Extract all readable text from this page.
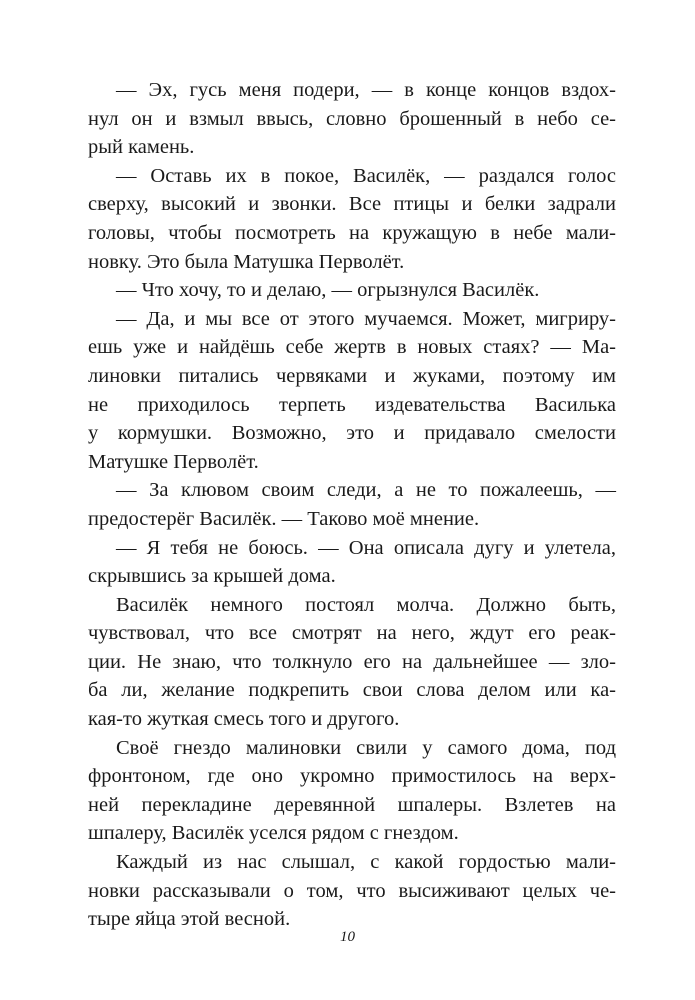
— Эх, гусь меня подери, — в конце концов вздох-
нул он и взмыл ввысь, словно брошенный в небо се-
рый камень.
— Оставь их в покое, Василёк, — раздался голос
сверху, высокий и звонки. Все птицы и белки задрали
головы, чтобы посмотреть на кружащую в небе мали-
новку. Это была Матушка Перволёт.
— Что хочу, то и делаю, — огрызнулся Василёк.
— Да, и мы все от этого мучаемся. Может, мигриру-
ешь уже и найдёшь себе жертв в новых стаях? — Ма-
линовки питались червяками и жуками, поэтому им
не приходилось терпеть издевательства Василька
у кормушки. Возможно, это и придавало смелости
Матушке Перволёт.
— За клювом своим следи, а не то пожалеешь, —
предостерёг Василёк. — Таково моё мнение.
— Я тебя не боюсь. — Она описала дугу и улетела,
скрывшись за крышей дома.
Василёк немного постоял молча. Должно быть,
чувствовал, что все смотрят на него, ждут его реак-
ции. Не знаю, что толкнуло его на дальнейшее — зло-
ба ли, желание подкрепить свои слова делом или ка-
кая-то жуткая смесь того и другого.
Своё гнездо малиновки свили у самого дома, под
фронтоном, где оно укромно примостилось на верх-
ней перекладине деревянной шпалеры. Взлетев на
шпалеру, Василёк уселся рядом с гнездом.
Каждый из нас слышал, с какой гордостью мали-
новки рассказывали о том, что высиживают целых че-
тыре яйца этой весной.
10
